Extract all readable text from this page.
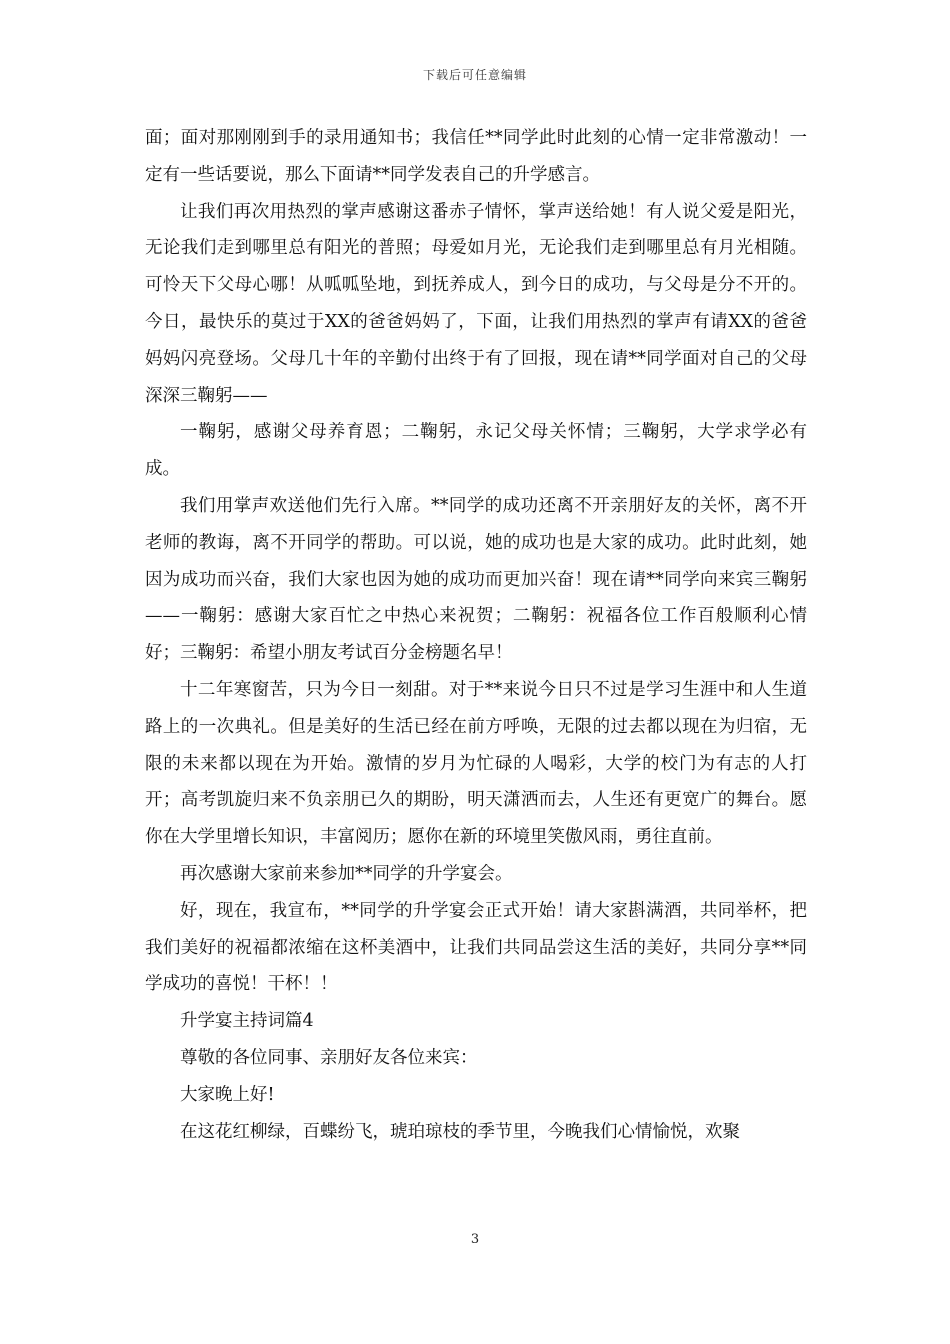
下载后可任意编辑

面；面对那刚刚到手的录用通知书；我信任**同学此时此刻的心情一定非常激动！一定有一些话要说，那么下面请**同学发表自己的升学感言。

让我们再次用热烈的掌声感谢这番赤子情怀，掌声送给她！有人说父爱是阳光，无论我们走到哪里总有阳光的普照；母爱如月光，无论我们走到哪里总有月光相随。可怜天下父母心哪！从呱呱坠地，到抚养成人，到今日的成功，与父母是分不开的。今日，最快乐的莫过于XX的爸爸妈妈了，下面，让我们用热烈的掌声有请XX的爸爸妈妈闪亮登场。父母几十年的辛勤付出终于有了回报，现在请**同学面对自己的父母深深三鞠躬——

一鞠躬，感谢父母养育恩；二鞠躬，永记父母关怀情；三鞠躬，大学求学必有成。

我们用掌声欢送他们先行入席。**同学的成功还离不开亲朋好友的关怀，离不开老师的教诲，离不开同学的帮助。可以说，她的成功也是大家的成功。此时此刻，她因为成功而兴奋，我们大家也因为她的成功而更加兴奋！现在请**同学向来宾三鞠躬——一鞠躬：感谢大家百忙之中热心来祝贺；二鞠躬：祝福各位工作百般顺利心情好；三鞠躬：希望小朋友考试百分金榜题名早！

十二年寒窗苦，只为今日一刻甜。对于**来说今日只不过是学习生涯中和人生道路上的一次典礼。但是美好的生活已经在前方呼唤，无限的过去都以现在为归宿，无限的未来都以现在为开始。激情的岁月为忙碌的人喝彩，大学的校门为有志的人打开；高考凯旋归来不负亲朋已久的期盼，明天潇洒而去，人生还有更宽广的舞台。愿你在大学里增长知识，丰富阅历；愿你在新的环境里笑傲风雨，勇往直前。

再次感谢大家前来参加**同学的升学宴会。

好，现在，我宣布，**同学的升学宴会正式开始！请大家斟满酒，共同举杯，把我们美好的祝福都浓缩在这杯美酒中，让我们共同品尝这生活的美好，共同分享**同学成功的喜悦！干杯！！

升学宴主持词篇4

尊敬的各位同事、亲朋好友各位来宾：

大家晚上好!

在这花红柳绿，百蝶纷飞，琥珀琼枝的季节里，今晚我们心情愉悦，欢聚

3
